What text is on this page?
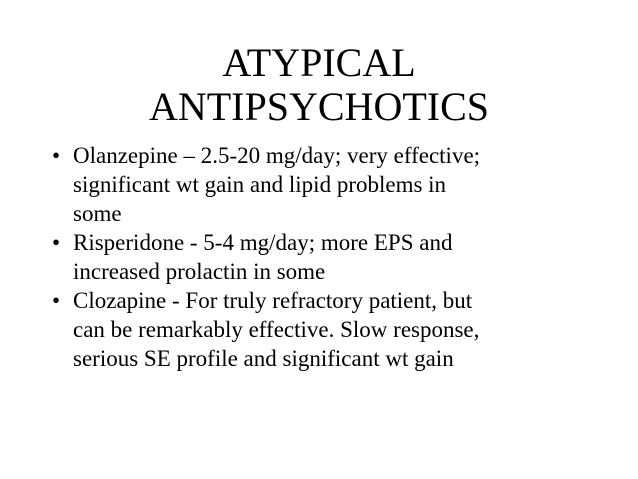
ATYPICAL
ANTIPSYCHOTICS
• Olanzepine – 2.5-20 mg/day; very effective;
significant wt gain and lipid problems in
some
• Risperidone - 5-4 mg/day; more EPS and
increased prolactin in some
• Clozapine - For truly refractory patient, but
can be remarkably effective. Slow response,
serious SE profile and significant wt gain
